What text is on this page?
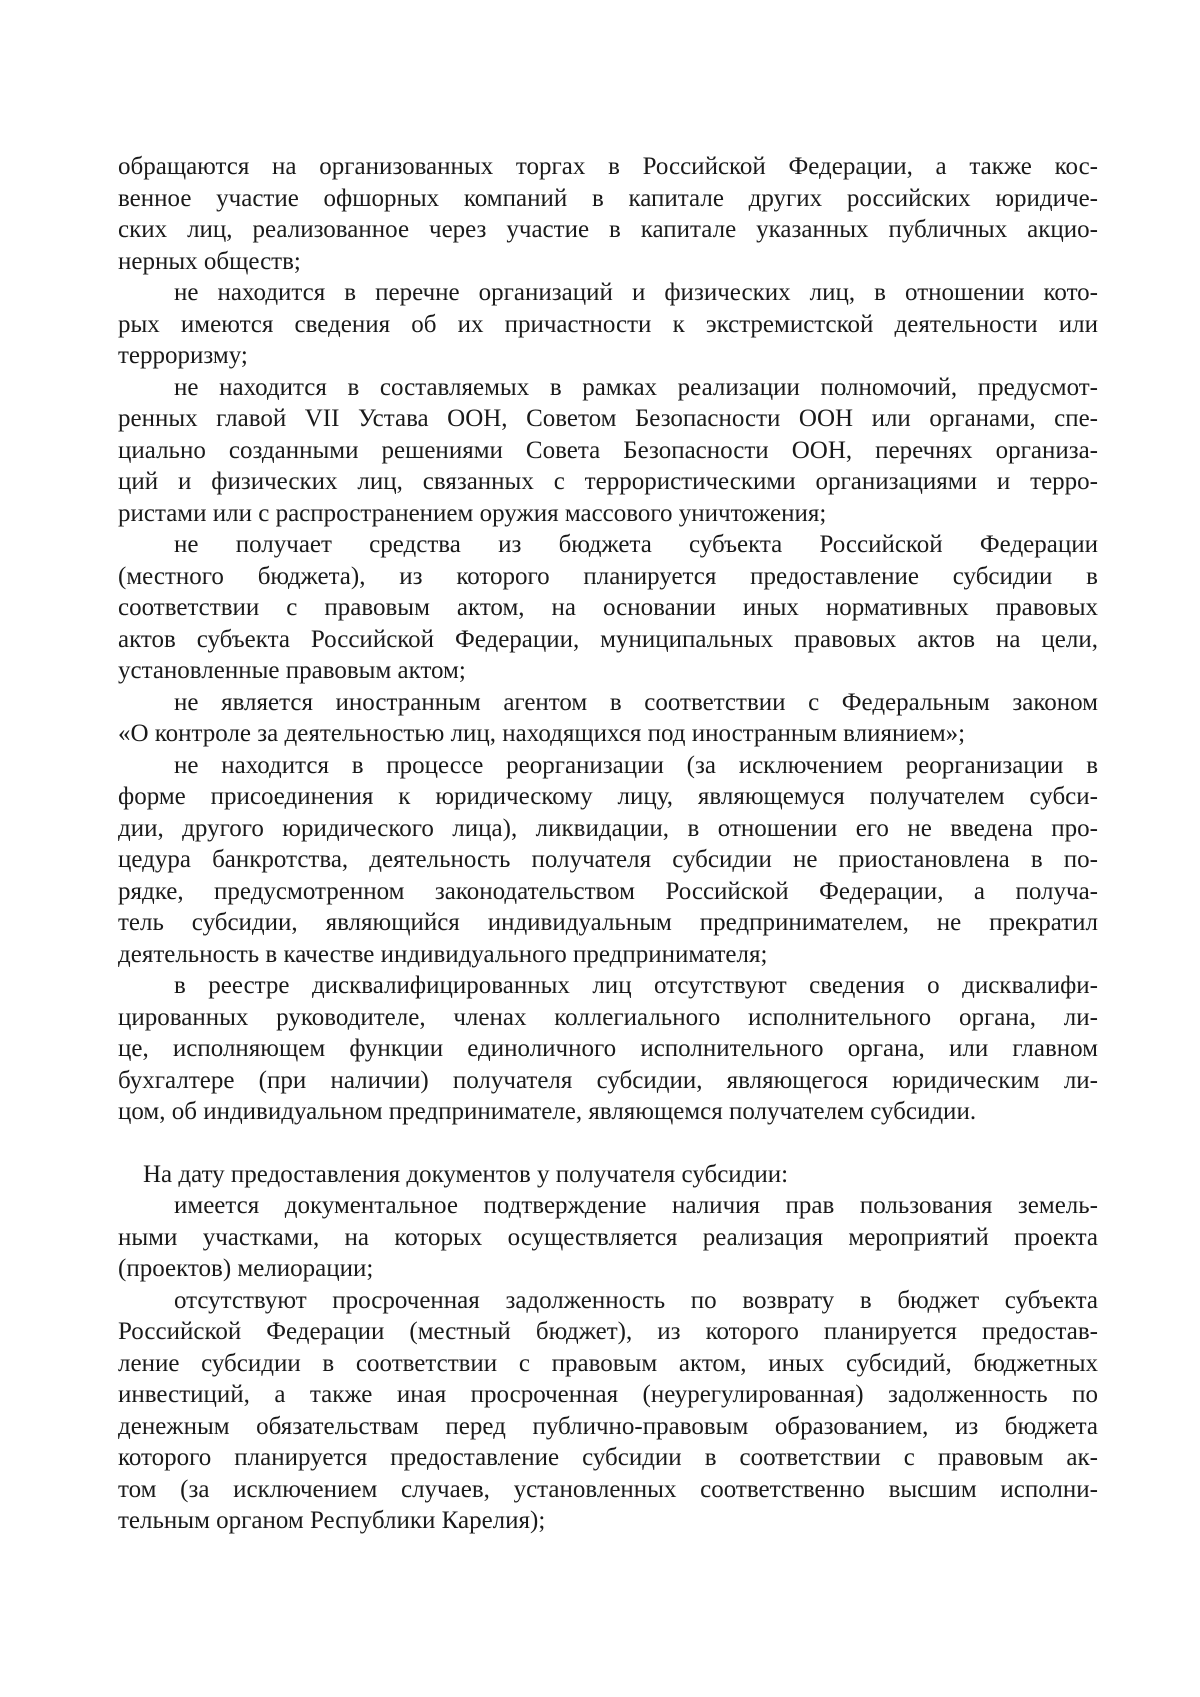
обращаются на организованных торгах в Российской Федерации, а также кос-
венное участие офшорных компаний в капитале других российских юридиче-
ских лиц, реализованное через участие в капитале указанных публичных акцио-
нерных обществ;
не находится в перечне организаций и физических лиц, в отношении кото-
рых имеются сведения об их причастности к экстремистской деятельности или
терроризму;
не находится в составляемых в рамках реализации полномочий, предусмот-
ренных главой VII Устава ООН, Советом Безопасности ООН или органами, спе-
циально созданными решениями Совета Безопасности ООН, перечнях организа-
ций и физических лиц, связанных с террористическими организациями и терро-
ристами или с распространением оружия массового уничтожения;
не получает средства из бюджета субъекта Российской Федерации
(местного бюджета), из которого планируется предоставление субсидии в
соответствии с правовым актом, на основании иных нормативных правовых
актов субъекта Российской Федерации, муниципальных правовых актов на цели,
установленные правовым актом;
не является иностранным агентом в соответствии с Федеральным законом
«О контроле за деятельностью лиц, находящихся под иностранным влиянием»;
не находится в процессе реорганизации (за исключением реорганизации в
форме присоединения к юридическому лицу, являющемуся получателем субси-
дии, другого юридического лица), ликвидации, в отношении его не введена про-
цедура банкротства, деятельность получателя субсидии не приостановлена в по-
рядке, предусмотренном законодательством Российской Федерации, а получа-
тель субсидии, являющийся индивидуальным предпринимателем, не прекратил
деятельность в качестве индивидуального предпринимателя;
в реестре дисквалифицированных лиц отсутствуют сведения о дисквалифи-
цированных руководителе, членах коллегиального исполнительного органа, ли-
це, исполняющем функции единоличного исполнительного органа, или главном
бухгалтере (при наличии) получателя субсидии, являющегося юридическим ли-
цом, об индивидуальном предпринимателе, являющемся получателем субсидии.
На дату предоставления документов у получателя субсидии:
имеется документальное подтверждение наличия прав пользования земель-
ными участками, на которых осуществляется реализация мероприятий проекта
(проектов) мелиорации;
отсутствуют просроченная задолженность по возврату в бюджет субъекта
Российской Федерации (местный бюджет), из которого планируется предостав-
ление субсидии в соответствии с правовым актом, иных субсидий, бюджетных
инвестиций, а также иная просроченная (неурегулированная) задолженность по
денежным обязательствам перед публично-правовым образованием, из бюджета
которого планируется предоставление субсидии в соответствии с правовым ак-
том (за исключением случаев, установленных соответственно высшим исполни-
тельным органом Республики Карелия);
